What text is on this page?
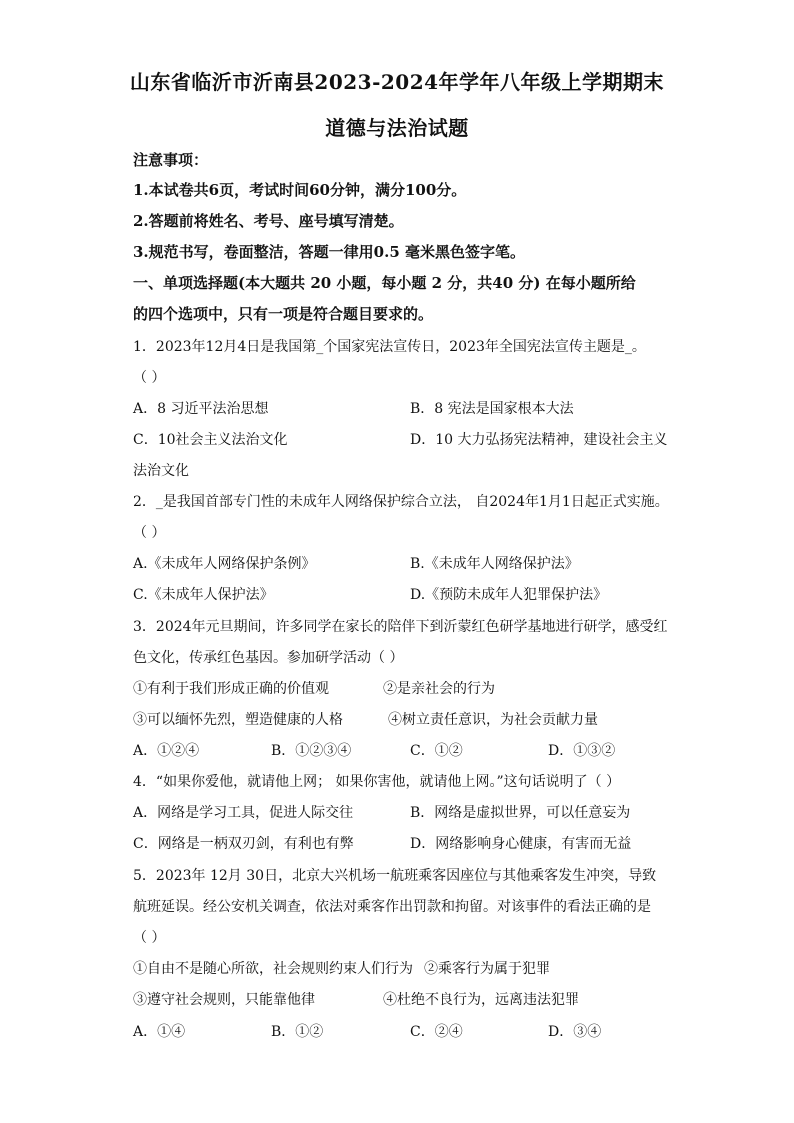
山东省临沂市沂南县2023-2024年学年八年级上学期期末
道德与法治试题
注意事项：
1.本试卷共6页，考试时间60分钟，满分100分。
2.答题前将姓名、考号、座号填写清楚。
3.规范书写，卷面整洁，答题一律用0.5 毫米黑色签字笔。
一、单项选择题(本大题共 20 小题，每小题 2 分，共40 分) 在每小题所给
的四个选项中，只有一项是符合题目要求的。
1．2023年12月4日是我国第_个国家宪法宣传日，2023年全国宪法宣传主题是_。
（ ）
A．8 习近平法治思想	B．8 宪法是国家根本大法
C．10社会主义法治文化	D．10 大力弘扬宪法精神，建设社会主义
法治文化
2．_是我国首部专门性的未成年人网络保护综合立法， 自2024年1月1日起正式实施。
（ ）
A.《未成年人网络保护条例》	B.《未成年人网络保护法》
C.《未成年人保护法》	D.《预防未成年人犯罪保护法》
3．2024年元旦期间，许多同学在家长的陪伴下到沂蒙红色研学基地进行研学，感受红
色文化，传承红色基因。参加研学活动（ ）
①有利于我们形成正确的价值观	②是亲社会的行为
③可以缅怀先烈，塑造健康的人格	④树立责任意识，为社会贡献力量
A．①②④	B．①②③④	C．①②	D．①③②
4．“如果你爱他，就请他上网； 如果你害他，就请他上网。”这句话说明了（ ）
A．网络是学习工具，促进人际交往	B．网络是虚拟世界，可以任意妄为
C．网络是一柄双刃剑，有利也有弊	D．网络影响身心健康，有害而无益
5．2023年 12月 30日，北京大兴机场一航班乘客因座位与其他乘客发生冲突，导致
航班延误。经公安机关调查，依法对乘客作出罚款和拘留。对该事件的看法正确的是
（ ）
①自由不是随心所欲，社会规则约束人们行为 ②乘客行为属于犯罪
③遵守社会规则，只能靠他律	④杜绝不良行为，远离违法犯罪
A．①④	B．①②	C．②④	D．③④
